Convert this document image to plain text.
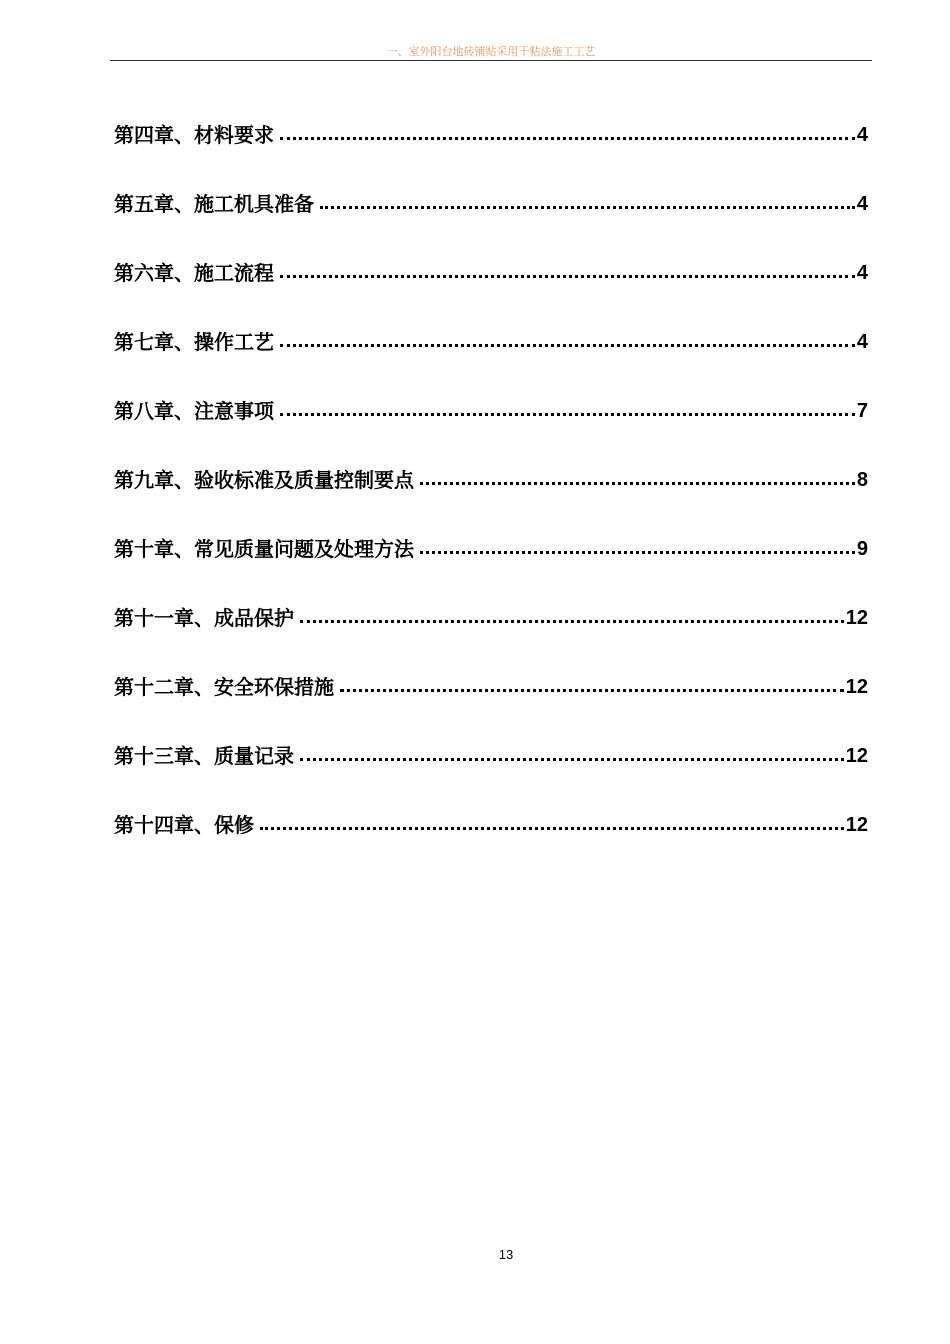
一、室外阳台地砖铺贴采用干粘法施工工艺
第四章、材料要求	4
第五章、施工机具准备	4
第六章、施工流程	4
第七章、操作工艺	4
第八章、注意事项	7
第九章、验收标准及质量控制要点	8
第十章、常见质量问题及处理方法	9
第十一章、成品保护	12
第十二章、安全环保措施	12
第十三章、质量记录	12
第十四章、保修	12
13
